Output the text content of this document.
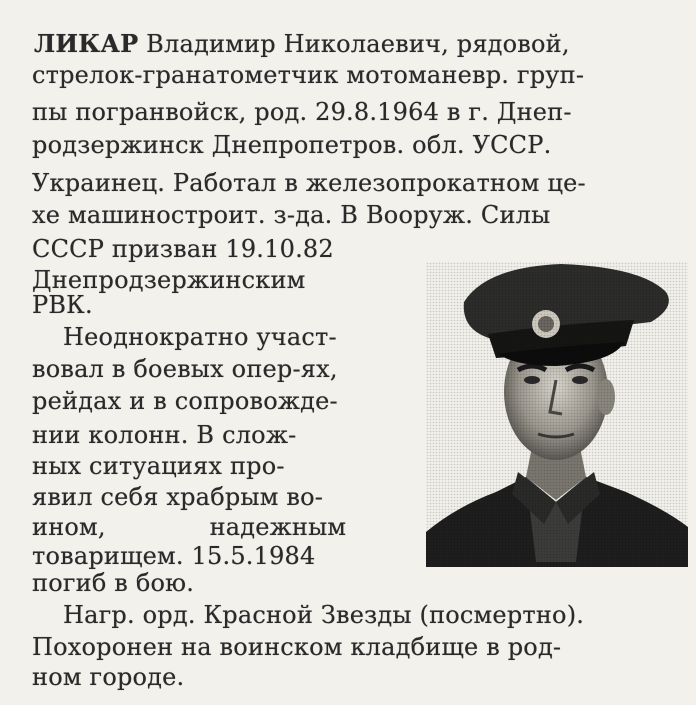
ЛИКАР Владимир Николаевич, рядовой,
стрелок-гранатометчик мотоманевр. груп-
пы погранвойск, род. 29.8.1964 в г. Днеп-
родзержинск Днепропетров. обл. УССР.
Украинец. Работал в железопрокатном це-
хе машиностроит. з-да. В Вооруж. Силы
СССР призван 19.10.82
Днепродзержинским
РВК.
Неоднократно участ-
вовал в боевых опер-ях,
рейдах и в сопровожде-
нии колонн. В слож-
ных ситуациях про-
явил себя храбрым во-
ином, надежным
товарищем. 15.5.1984
погиб в бою.
Нагр. орд. Красной Звезды (посмертно).
Похоронен на воинском кладбище в род-
ном городе.
